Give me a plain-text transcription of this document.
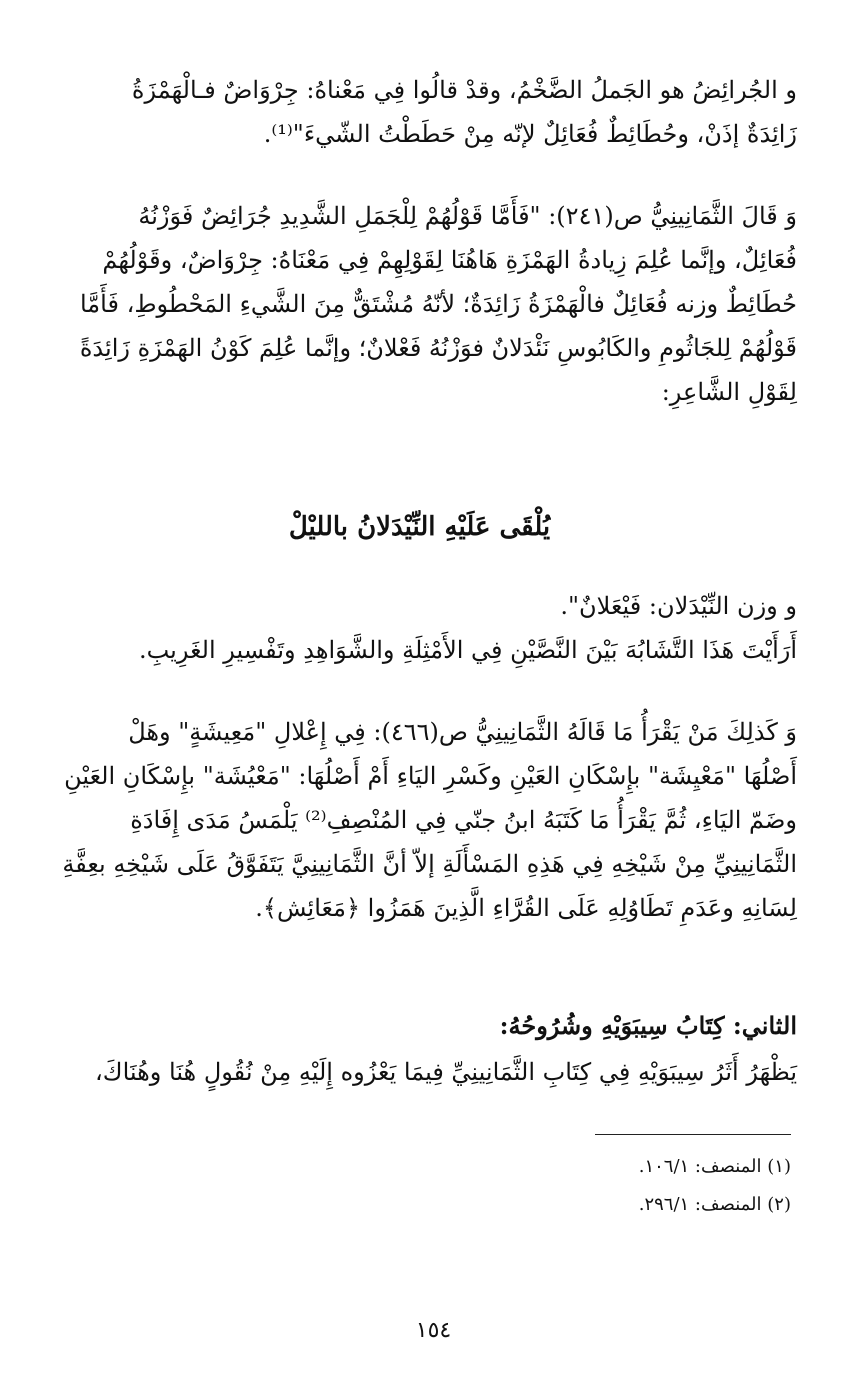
و الجُرائِضُ هو الجَملُ الضَّخْمُ، وقدْ قالُوا فِي مَعْناهُ: جِرْوَاضٌ فـالْهَمْزَةُ
زَائِدَةٌ إذَنْ، وحُطَائِطٌ فُعَائِلٌ لإنّه مِنْ حَطَطْتُ الشّيءَ"⁽¹⁾.
وَ قَالَ الثَّمَانِينِيُّ ص(٢٤١): "فَأَمَّا قَوْلُهُمْ لِلْجَمَلِ الشَّدِيدِ جُرَائِضٌ فَوَزْنُهُ
فُعَائِلٌ، وإنَّما عُلِمَ زِيادةُ الهَمْزَةِ هَاهُنَا لِقَوْلِهِمْ فِي مَعْنَاهُ: جِرْوَاضٌ، وقَوْلُهُمْ
حُطَائِطٌ وزنه فُعَائِلٌ فالْهَمْزَةُ زَائِدَةٌ؛ لأنّهُ مُشْتَقٌّ مِنَ الشَّيءِ المَحْطُوطِ، فَأَمَّا
قَوْلُهُمْ لِلجَاثُومِ والكَابُوسِ نَئْدَلانٌ فوَزْنُهُ فَعْلانٌ؛ وإنَّما عُلِمَ كَوْنُ الهَمْزَةِ زَائِدَةً
لِقَوْلِ الشَّاعِرِ:
يُلْقَى عَلَيْهِ النِّيْدَلانُ بالليْلْ
و وزن النِّيْدَلان: فَيْعَلانٌ".
أَرَأَيْتَ هَذَا التَّشَابُهَ بَيْنَ النَّصَّيْنِ فِي الأَمْثِلَةِ والشَّوَاهِدِ وتَفْسِيرِ الغَرِيبِ.
وَ كَذلِكَ مَنْ يَقْرَأُ مَا قَالَهُ الثَّمَانِينِيُّ ص(٤٦٦): فِي إِعْلالِ "مَعِيشَةٍ" وهَلْ
أَصْلُهَا "مَعْيِشَة" بإِسْكَانِ العَيْنِ وكَسْرِ اليَاءِ أَمْ أَصْلُهَا: "مَعْيُشَة" بإِسْكَانِ العَيْنِ
وضَمّ اليَاءِ، ثُمَّ يَقْرَأُ مَا كَتَبَهُ ابنُ جنّي فِي المُنْصِفِ⁽²⁾ يَلْمَسُ مَدَى إِفَادَةِ
الثَّمَانِينِيِّ مِنْ شَيْخِهِ فِي هَذِهِ المَسْأَلَةِ إلاّ أنَّ الثَّمَانِينِيَّ يَتَفَوَّقُ عَلَى شَيْخِهِ بعِفَّةِ
لِسَانِهِ وعَدَمِ تَطَاوُلِهِ عَلَى القُرَّاءِ الَّذِينَ هَمَزُوا ﴿مَعَائِش﴾.
الثاني: كِتَابُ سِيبَوَيْهِ وشُرُوحُهُ:
يَظْهَرُ أَثَرُ سِيبَوَيْهِ فِي كِتَابِ الثَّمَانِينِيِّ فِيمَا يَعْزُوه إِلَيْهِ مِنْ نُقُولٍ هُنَا وهُنَاكَ،
(١) المنصف: ١٠٦/١.
(٢) المنصف: ٢٩٦/١.
١٥٤
